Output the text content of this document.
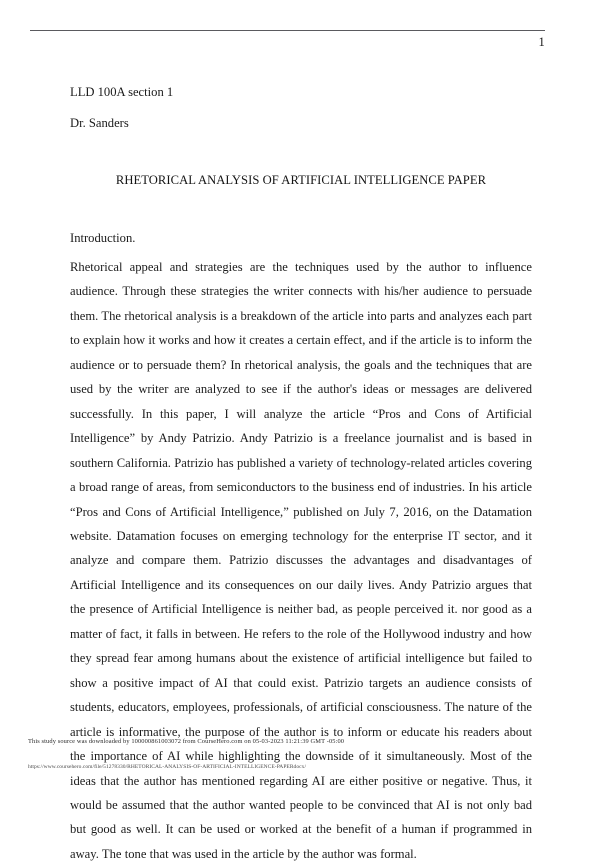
1
LLD 100A section 1
Dr. Sanders
RHETORICAL ANALYSIS OF ARTIFICIAL INTELLIGENCE PAPER
Introduction.
Rhetorical appeal and strategies are the techniques used by the author to influence audience. Through these strategies the writer connects with his/her audience to persuade them. The rhetorical analysis is a breakdown of the article into parts and analyzes each part to explain how it works and how it creates a certain effect, and if the article is to inform the audience or to persuade them? In rhetorical analysis, the goals and the techniques that are used by the writer are analyzed to see if the author's ideas or messages are delivered successfully. In this paper, I will analyze the article “Pros and Cons of Artificial Intelligence” by Andy Patrizio. Andy Patrizio is a freelance journalist and is based in southern California. Patrizio has published a variety of technology-related articles covering a broad range of areas, from semiconductors to the business end of industries. In his article “Pros and Cons of Artificial Intelligence,” published on July 7, 2016, on the Datamation website. Datamation focuses on emerging technology for the enterprise IT sector, and it analyze and compare them. Patrizio discusses the advantages and disadvantages of Artificial Intelligence and its consequences on our daily lives. Andy Patrizio argues that the presence of Artificial Intelligence is neither bad, as people perceived it. nor good as a matter of fact, it falls in between. He refers to the role of the Hollywood industry and how they spread fear among humans about the existence of artificial intelligence but failed to show a positive impact of AI that could exist. Patrizio targets an audience consists of students, educators, employees, professionals, of artificial consciousness. The nature of the article is informative, the purpose of the author is to inform or educate his readers about the importance of AI while highlighting the downside of it simultaneously. Most of the ideas that the author has mentioned regarding AI are either positive or negative. Thus, it would be assumed that the author wanted people to be convinced that AI is not only bad but good as well. It can be used or worked at the benefit of a human if programmed in away. The tone that was used in the article by the author was formal.
This study source was downloaded by 100000861003072 from CourseHero.com on 05-03-2023 11:21:39 GMT -05:00
https://www.coursehero.com/file/51278330/RHETORICAL-ANALYSIS-OF-ARTIFICIAL-INTELLIGENCE-PAPERdocx/
